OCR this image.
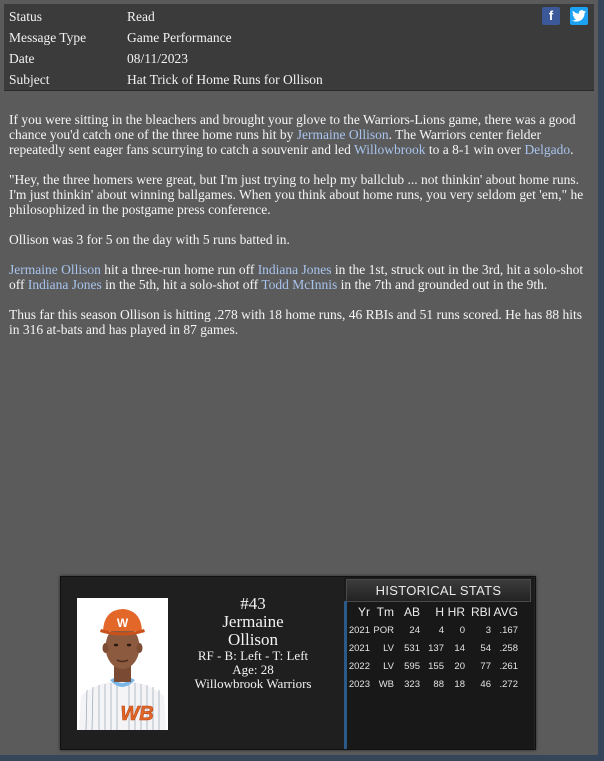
Status	Read
Message Type	Game Performance
Date	08/11/2023
Subject	Hat Trick of Home Runs for Ollison
f

If you were sitting in the bleachers and brought your glove to the Warriors-Lions game, there was a good chance you'd catch one of the three home runs hit by Jermaine Ollison. The Warriors center fielder repeatedly sent eager fans scurrying to catch a souvenir and led Willowbrook to a 8-1 win over Delgado.

"Hey, the three homers were great, but I'm just trying to help my ballclub ... not thinkin' about home runs. I'm just thinkin' about winning ballgames. When you think about home runs, you very seldom get 'em," he philosophized in the postgame press conference.

Ollison was 3 for 5 on the day with 5 runs batted in.

Jermaine Ollison hit a three-run home run off Indiana Jones in the 1st, struck out in the 3rd, hit a solo-shot off Indiana Jones in the 5th, hit a solo-shot off Todd McInnis in the 7th and grounded out in the 9th.

Thus far this season Ollison is hitting .278 with 18 home runs, 46 RBIs and 51 runs scored. He has 88 hits in 316 at-bats and has played in 87 games.

W
WB
#43
Jermaine
Ollison
RF - B: Left - T: Left
Age: 28
Willowbrook Warriors
HISTORICAL STATS
Yr	Tm	AB	H	HR	RBI	AVG
2021	POR	24	4	0	3	.167
2021	LV	531	137	14	54	.258
2022	LV	595	155	20	77	.261
2023	WB	323	88	18	46	.272
